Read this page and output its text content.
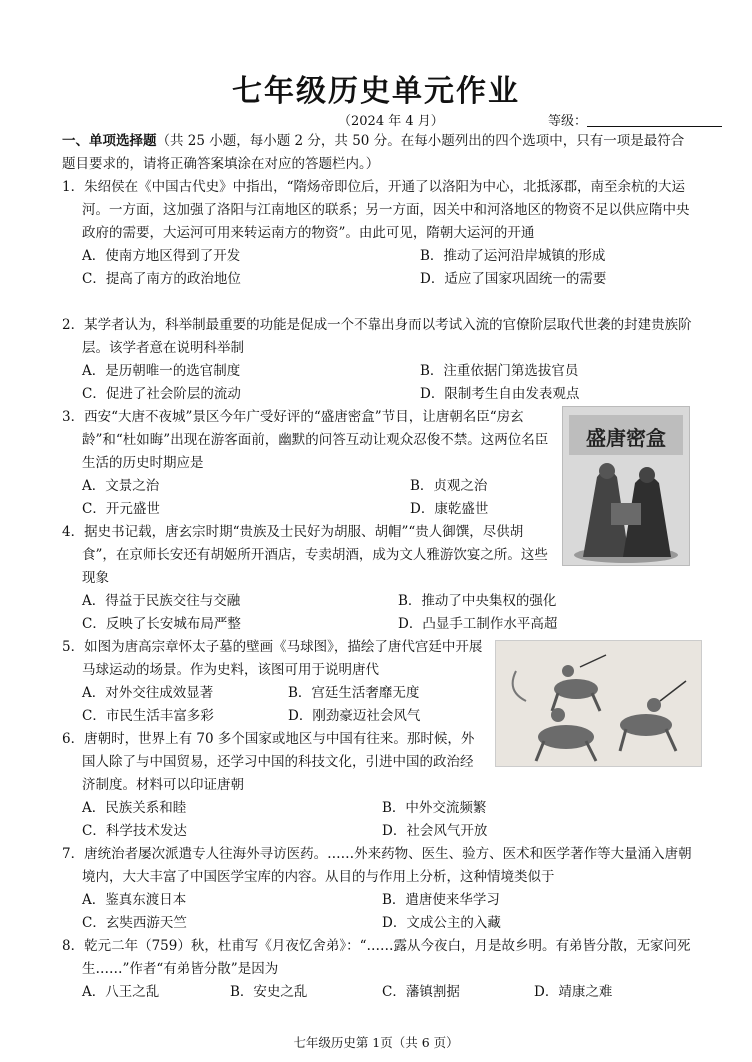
七年级历史单元作业
（2024 年 4 月）	等级：
一、单项选择题（共 25 小题，每小题 2 分，共 50 分。在每小题列出的四个选项中，只有一项是最符合题目要求的，请将正确答案填涂在对应的答题栏内。）
1．朱绍侯在《中国古代史》中指出，“隋炀帝即位后，开通了以洛阳为中心，北抵涿郡，南至余杭的大运河。一方面，这加强了洛阳与江南地区的联系；另一方面，因关中和河洛地区的物资不足以供应隋中央政府的需要，大运河可用来转运南方的物资”。由此可见，隋朝大运河的开通
A．使南方地区得到了开发	B．推动了运河沿岸城镇的形成
C．提高了南方的政治地位	D．适应了国家巩固统一的需要
2．某学者认为，科举制最重要的功能是促成一个不靠出身而以考试入流的官僚阶层取代世袭的封建贵族阶层。该学者意在说明科举制
A．是历朝唯一的选官制度	B．注重依据门第选拔官员
C．促进了社会阶层的流动	D．限制考生自由发表观点
3．西安“大唐不夜城”景区今年广受好评的“盛唐密盒”节目，让唐朝名臣“房玄龄”和“杜如晦”出现在游客面前，幽默的问答互动让观众忍俊不禁。这两位名臣生活的历史时期应是
A．文景之治	B．贞观之治
C．开元盛世	D．康乾盛世
盛唐密盒
4．据史书记载，唐玄宗时期“贵族及士民好为胡服、胡帽”“贵人御馔，尽供胡食”，在京师长安还有胡姬所开酒店，专卖胡酒，成为文人雅游饮宴之所。这些现象
A．得益于民族交往与交融	B．推动了中央集权的强化
C．反映了长安城布局严整	D．凸显手工制作水平高超
5．如图为唐高宗章怀太子墓的壁画《马球图》，描绘了唐代宫廷中开展马球运动的场景。作为史料，该图可用于说明唐代
A．对外交往成效显著	B．宫廷生活奢靡无度
C．市民生活丰富多彩	D．刚劲豪迈社会风气
6．唐朝时，世界上有 70 多个国家或地区与中国有往来。那时候，外国人除了与中国贸易，还学习中国的科技文化，引进中国的政治经济制度。材料可以印证唐朝
A．民族关系和睦	B．中外交流频繁
C．科学技术发达	D．社会风气开放
7．唐统治者屡次派遣专人往海外寻访医药。……外来药物、医生、验方、医术和医学著作等大量涌入唐朝境内，大大丰富了中国医学宝库的内容。从目的与作用上分析，这种情境类似于
A．鉴真东渡日本	B．遣唐使来华学习
C．玄奘西游天竺	D．文成公主的入藏
8．乾元二年（759）秋，杜甫写《月夜忆舍弟》：“……露从今夜白，月是故乡明。有弟皆分散，无家问死生……”作者“有弟皆分散”是因为
A．八王之乱	B．安史之乱	C．藩镇割据	D．靖康之难
七年级历史第 1页（共 6 页）
